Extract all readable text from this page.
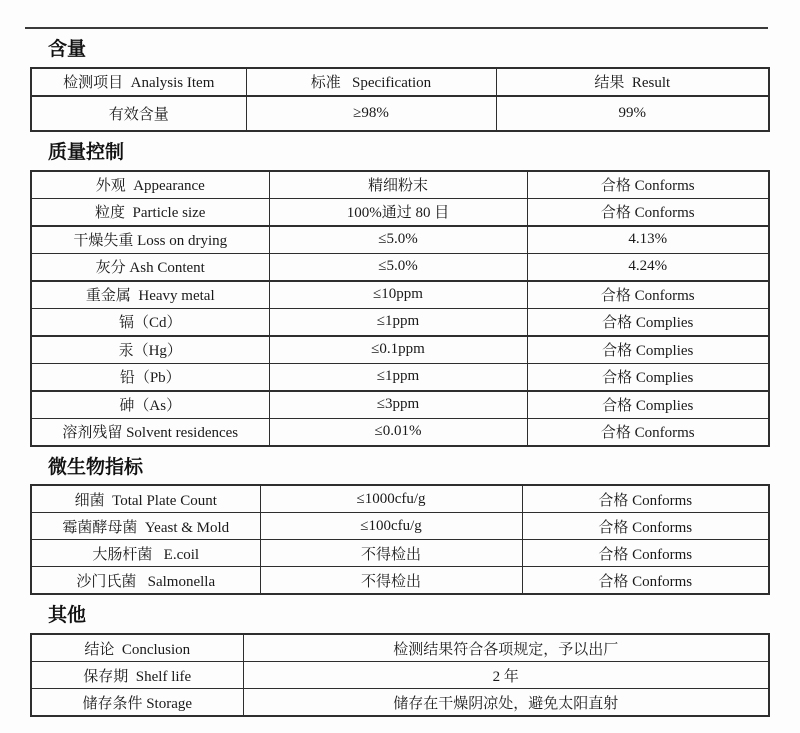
含量
检测项目  Analysis Item	标准   Specification	结果  Result
有效含量	≥98%	99%
质量控制
外观  Appearance	精细粉末	合格 Conforms
粒度  Particle size	100%通过 80 目	合格 Conforms
干燥失重 Loss on drying	≤5.0%	4.13%
灰分 Ash Content	≤5.0%	4.24%
重金属  Heavy metal	≤10ppm	合格 Conforms
镉（Cd）	≤1ppm	合格 Complies
汞（Hg）	≤0.1ppm	合格 Complies
铅（Pb）	≤1ppm	合格 Complies
砷（As）	≤3ppm	合格 Complies
溶剂残留 Solvent residences	≤0.01%	合格 Conforms
微生物指标
细菌  Total Plate Count	≤1000cfu/g	合格 Conforms
霉菌酵母菌  Yeast & Mold	≤100cfu/g	合格 Conforms
大肠杆菌   E.coil	不得检出	合格 Conforms
沙门氏菌   Salmonella	不得检出	合格 Conforms
其他
结论  Conclusion	检测结果符合各项规定，予以出厂
保存期  Shelf life	2 年
储存条件 Storage	储存在干燥阴凉处，避免太阳直射
